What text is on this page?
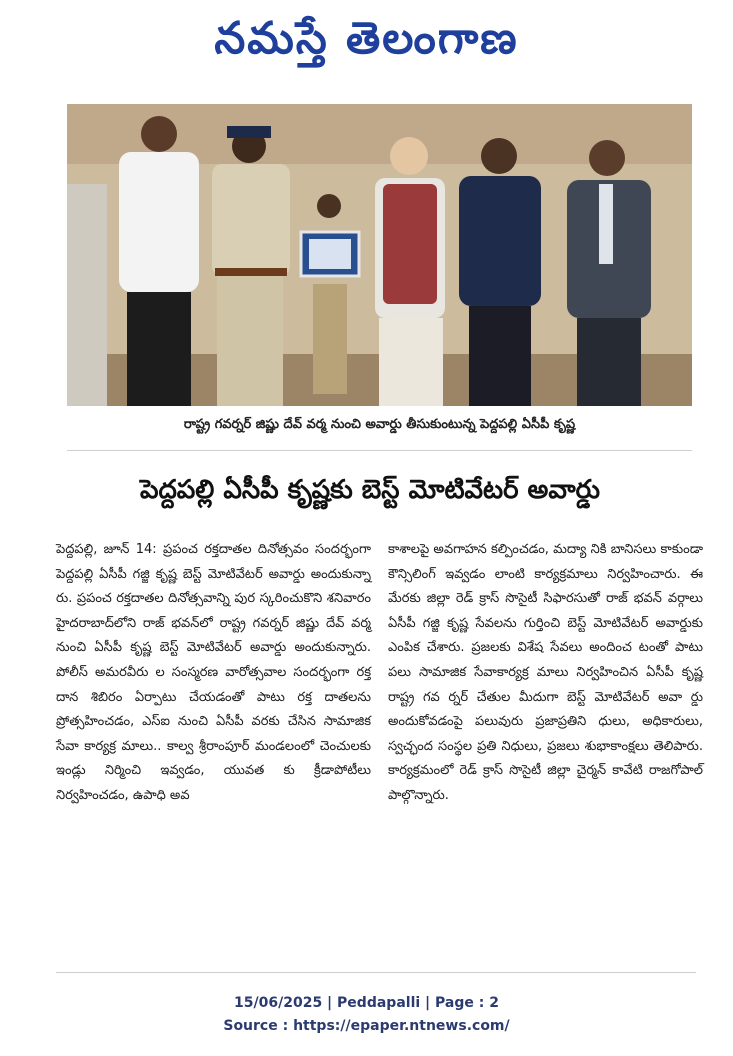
నమస్తే తెలంగాణ
రాష్ట్ర గవర్నర్ జిష్ణు దేవ్ వర్మ నుంచి అవార్డు తీసుకుంటున్న పెద్దపల్లి ఏసీపీ కృష్ణ
పెద్దపల్లి ఏసీపీ కృష్ణకు బెస్ట్ మోటివేటర్ అవార్డు

పెద్దపల్లి, జూన్ 14: ప్రపంచ రక్తదాతల దినోత్సవం సందర్భంగా పెద్దపల్లి ఏసీపీ గజ్జి కృష్ణ బెస్ట్ మోటివేటర్ అవార్డు అందుకున్నా రు. ప్రపంచ రక్తదాతల దినోత్సవాన్ని పుర స్కరించుకొని శనివారం హైదరాబాద్‌లోని రాజ్ భవన్‌లో రాష్ట్ర గవర్నర్ జిష్ణు దేవ్ వర్మ నుంచి ఏసీపీ కృష్ణ బెస్ట్ మోటివేటర్ అవార్డు అందుకున్నారు. పోలీస్ అమరవీరు ల సంస్మరణ వారోత్సవాల సందర్భంగా రక్త దాన శిబిరం ఏర్పాటు చేయడంతో పాటు రక్త దాతలను ప్రోత్సహించడం, ఎస్ఐ నుంచి ఏసీపీ వరకు చేసిన సామాజిక సేవా కార్యక్ర మాలు.. కాల్వ శ్రీరాంపూర్ మండలంలో చెంచులకు ఇండ్లు నిర్మించి ఇవ్వడం, యువత కు క్రీడాపోటీలు నిర్వహించడం, ఉపాధి అవ

కాశాలపై అవగాహన కల్పించడం, మద్యా నికి బానిసలు కాకుండా కౌన్సిలింగ్ ఇవ్వడం లాంటి కార్యక్రమాలు నిర్వహించారు. ఈ మేరకు జిల్లా రెడ్ క్రాస్ సొసైటీ సిఫారసుతో రాజ్ భవన్ వర్గాలు ఏసీపీ గజ్జి కృష్ణ సేవలను గుర్తించి బెస్ట్ మోటివేటర్ అవార్డుకు ఎంపిక చేశారు. ప్రజలకు విశేష సేవలు అందించ టంతో పాటు పలు సామాజిక సేవాకార్యక్ర మాలు నిర్వహించిన ఏసీపీ కృష్ణ రాష్ట్ర గవ ర్నర్ చేతుల మీదుగా బెస్ట్ మోటివేటర్ అవా ర్డు అందుకోవడంపై పలువురు ప్రజాప్రతిని ధులు, అధికారులు, స్వచ్ఛంద సంస్థల ప్రతి నిధులు, ప్రజలు శుభాకాంక్షలు తెలిపారు. కార్యక్రమంలో రెడ్ క్రాస్ సొసైటీ జిల్లా చైర్మన్ కావేటి రాజగోపాల్ పాల్గొన్నారు.

15/06/2025 | Peddapalli | Page : 2
Source : https://epaper.ntnews.com/
